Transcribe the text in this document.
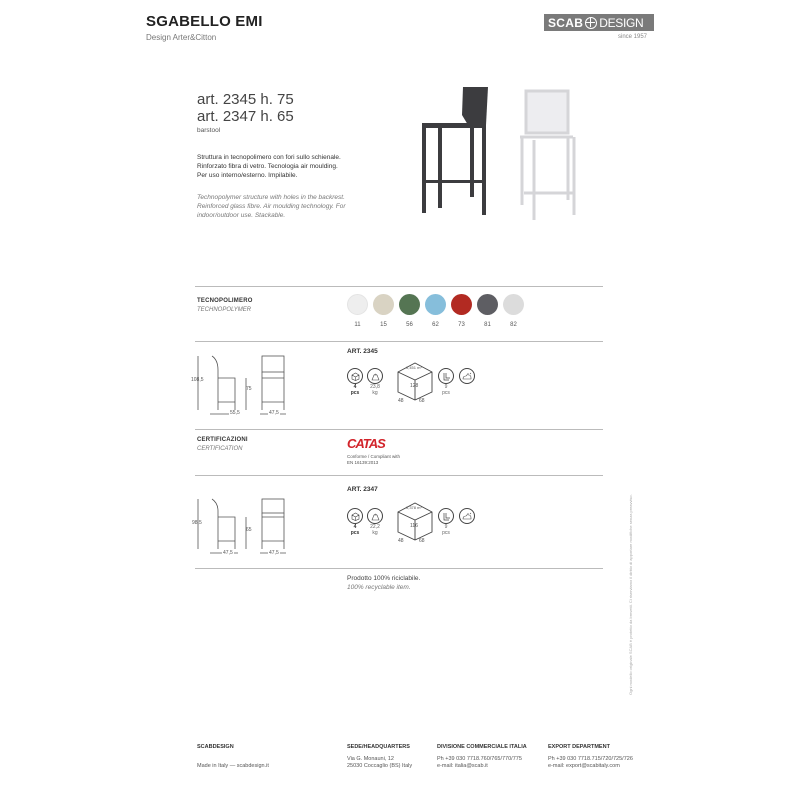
SGABELLO EMI
Design Arter&Citton
SCAB DESIGN
since 1957
art. 2345 h. 75
art. 2347 h. 65
barstool
Struttura in tecnopolimero con fori sullo schienale. Rinforzato fibra di vetro. Tecnologia air moulding. Per uso interno/esterno. Impilabile.
Technopolymer structure with holes in the backrest. Reinforced glass fibre. Air moulding technology. For indoor/outdoor use. Stackable.
TECNOPOLIMERO
TECHNOPOLYMER
11	15	56	62	73	81	82
108,5
75
55,5	47,5
ART. 2345
4
pcs
23,8
kg
0,451 m³
128
48	68
9
pcs
CERTIFICAZIONI
CERTIFICATION	CATAS
Conforme / Compliant with
EN 16139:2013
98,5
65
47,5	47,5
ART. 2347
4
pcs
22,2
kg
0,378 m³
116
48	68
9
pcs
Prodotto 100% riciclabile.
100% recyclable item.	Ogni modello originale SCAB è protetto da brevetti. Ci riserviamo il diritto di apportare modifiche senza preavviso.
SCABDESIGN
Made in Italy — scabdesign.it
SEDE/HEADQUARTERS
Via G. Monauni, 12
25030 Coccaglio (BS) Italy
DIVISIONE COMMERCIALE ITALIA
Ph +39 030 7718.760/765/770/775
e-mail: italia@scab.it
EXPORT DEPARTMENT
Ph +39 030 7718.715/720/725/726
e-mail: export@scabitaly.com
